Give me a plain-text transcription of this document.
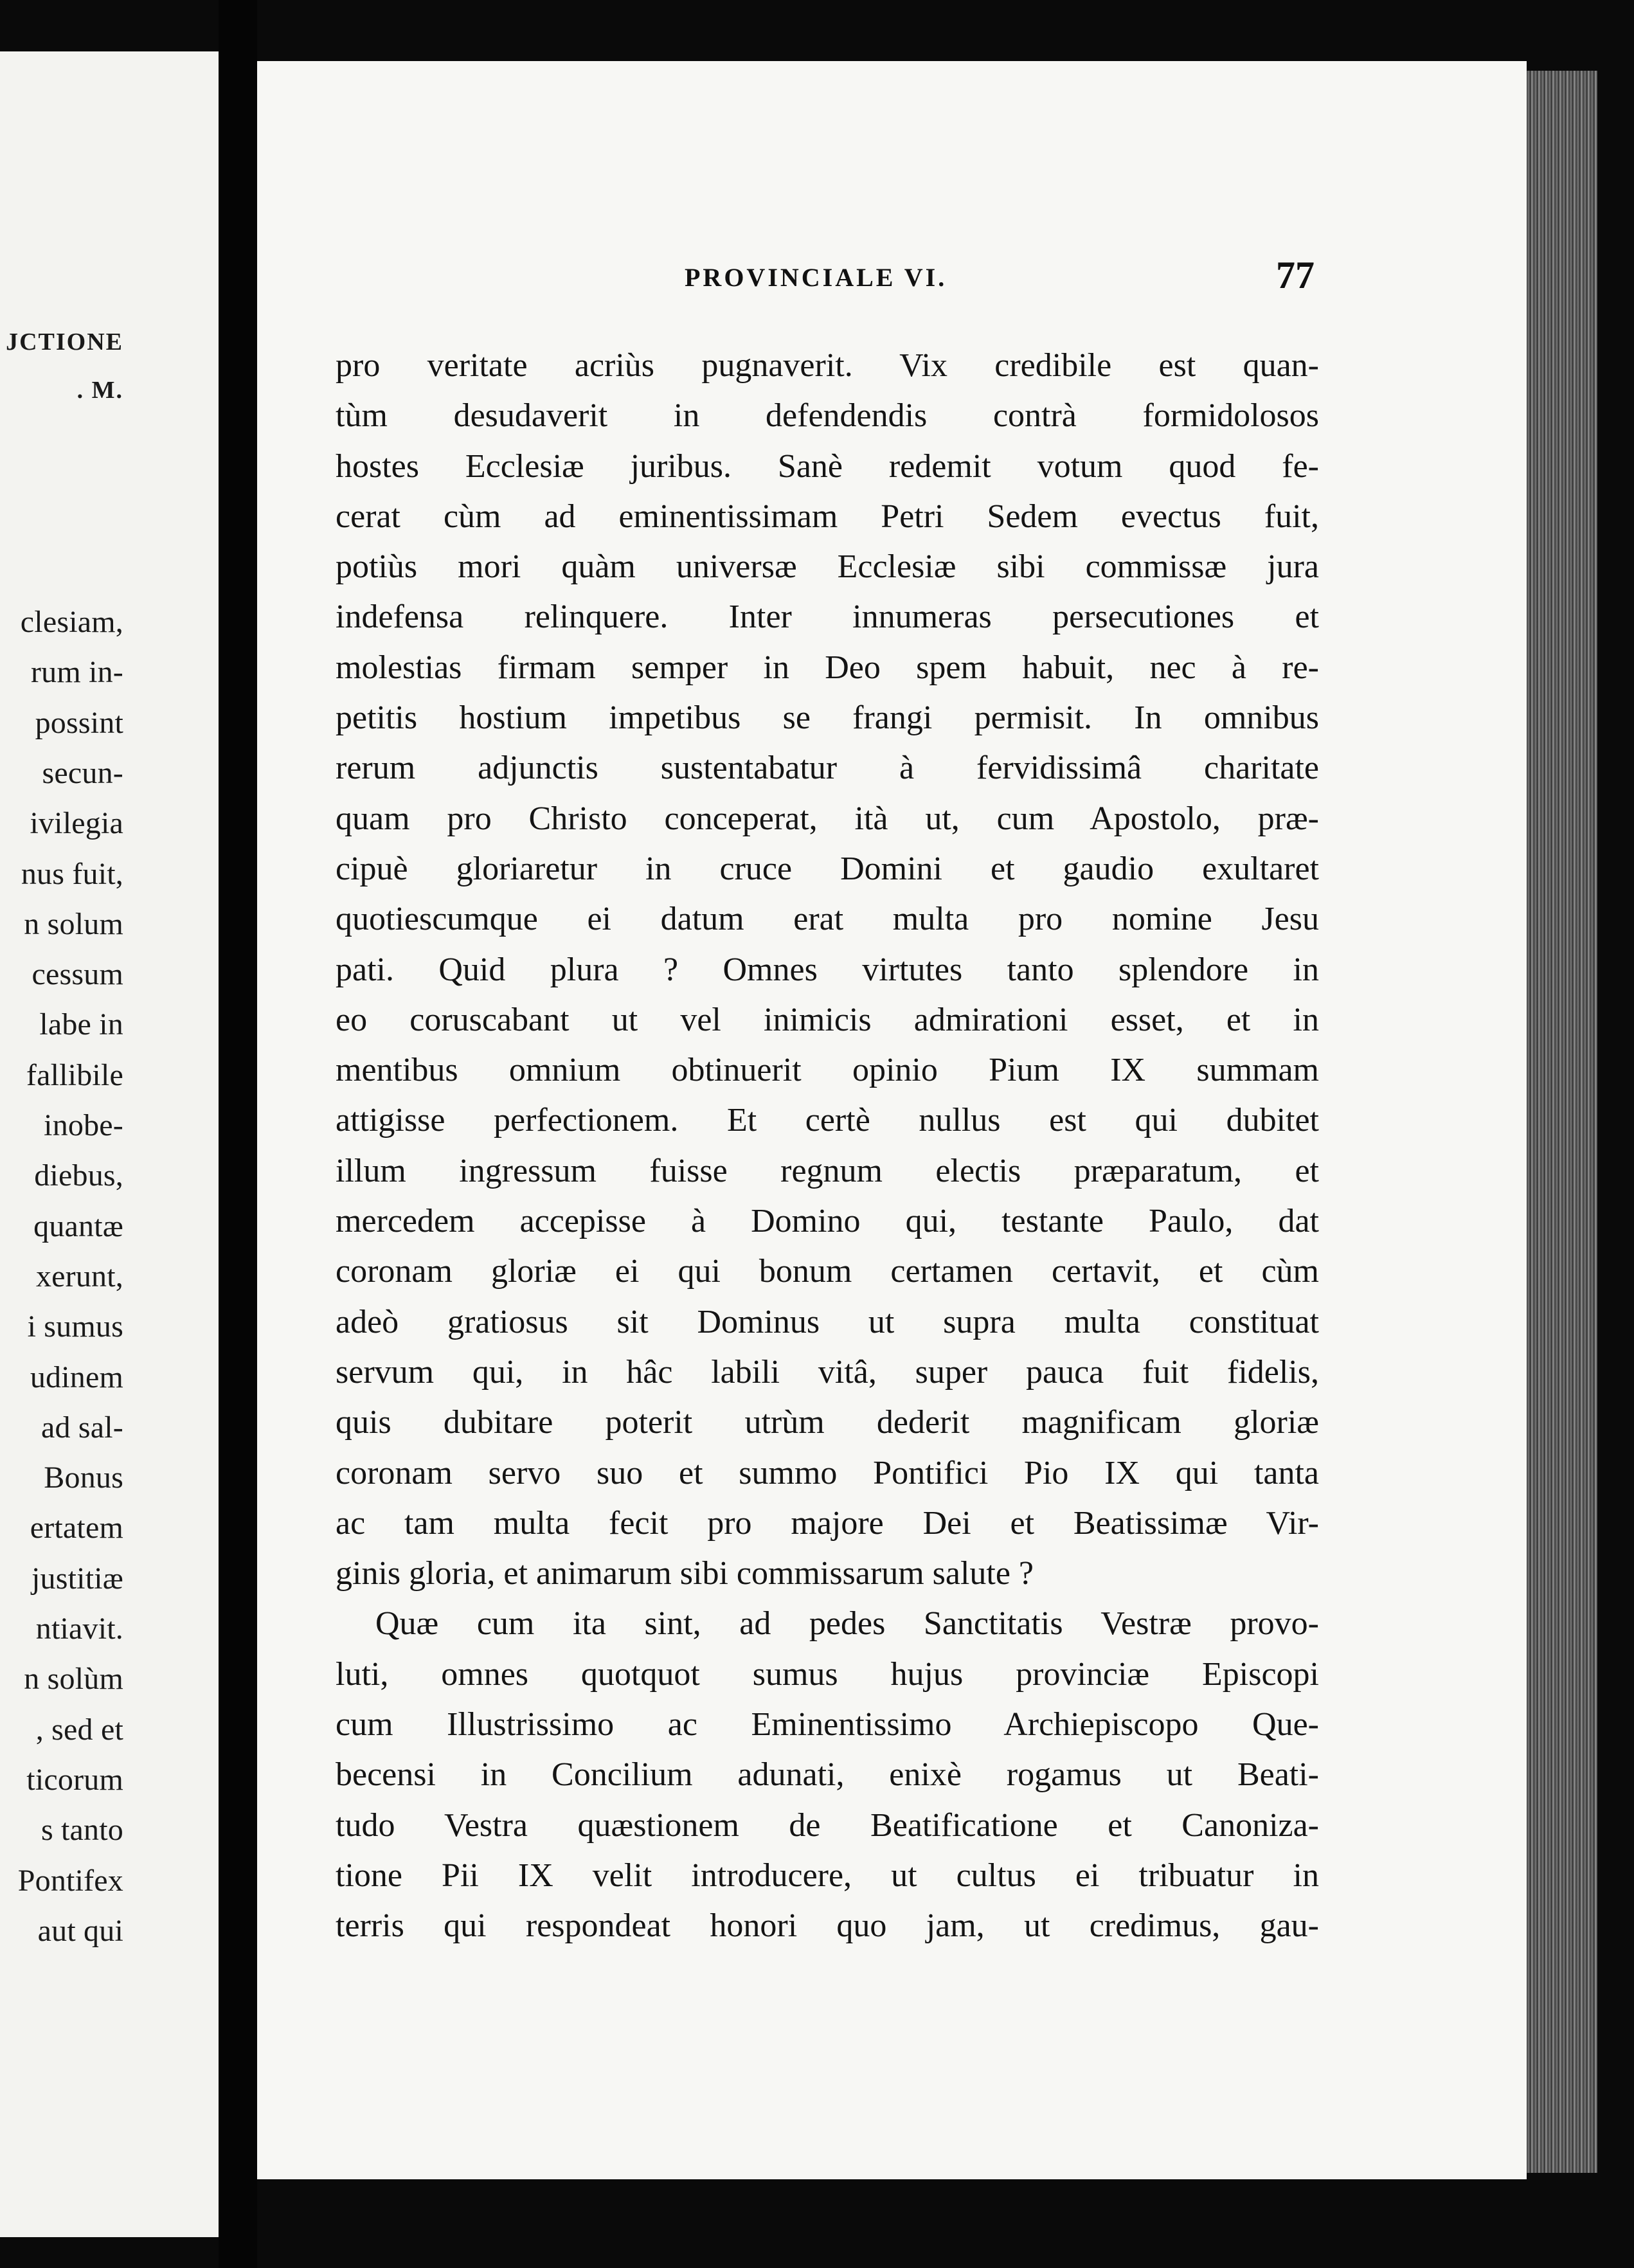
JCTIONE
. M.
clesiam,
rum in-
possint
secun-
ivilegia
nus fuit,
n solum
cessum
labe in
fallibile
inobe-
diebus,
quantæ
xerunt,
i sumus
udinem
ad sal-
Bonus
ertatem
justitiæ
ntiavit.
n solùm
, sed et
ticorum
s tanto
Pontifex
aut qui
PROVINCIALE VI.	77
pro veritate acriùs pugnaverit. Vix credibile est quan-
tùm desudaverit in defendendis contrà formidolosos
hostes Ecclesiæ juribus. Sanè redemit votum quod fe-
cerat cùm ad eminentissimam Petri Sedem evectus fuit,
potiùs mori quàm universæ Ecclesiæ sibi commissæ jura
indefensa relinquere. Inter innumeras persecutiones et
molestias firmam semper in Deo spem habuit, nec à re-
petitis hostium impetibus se frangi permisit. In omnibus
rerum adjunctis sustentabatur à fervidissimâ charitate
quam pro Christo conceperat, ità ut, cum Apostolo, præ-
cipuè gloriaretur in cruce Domini et gaudio exultaret
quotiescumque ei datum erat multa pro nomine Jesu
pati. Quid plura ? Omnes virtutes tanto splendore in
eo coruscabant ut vel inimicis admirationi esset, et in
mentibus omnium obtinuerit opinio Pium IX summam
attigisse perfectionem. Et certè nullus est qui dubitet
illum ingressum fuisse regnum electis præparatum, et
mercedem accepisse à Domino qui, testante Paulo, dat
coronam gloriæ ei qui bonum certamen certavit, et cùm
adeò gratiosus sit Dominus ut supra multa constituat
servum qui, in hâc labili vitâ, super pauca fuit fidelis,
quis dubitare poterit utrùm dederit magnificam gloriæ
coronam servo suo et summo Pontifici Pio IX qui tanta
ac tam multa fecit pro majore Dei et Beatissimæ Vir-
ginis gloria, et animarum sibi commissarum salute ?
Quæ cum ita sint, ad pedes Sanctitatis Vestræ provo-
luti, omnes quotquot sumus hujus provinciæ Episcopi
cum Illustrissimo ac Eminentissimo Archiepiscopo Que-
becensi in Concilium adunati, enixè rogamus ut Beati-
tudo Vestra quæstionem de Beatificatione et Canoniza-
tione Pii IX velit introducere, ut cultus ei tribuatur in
terris qui respondeat honori quo jam, ut credimus, gau-
